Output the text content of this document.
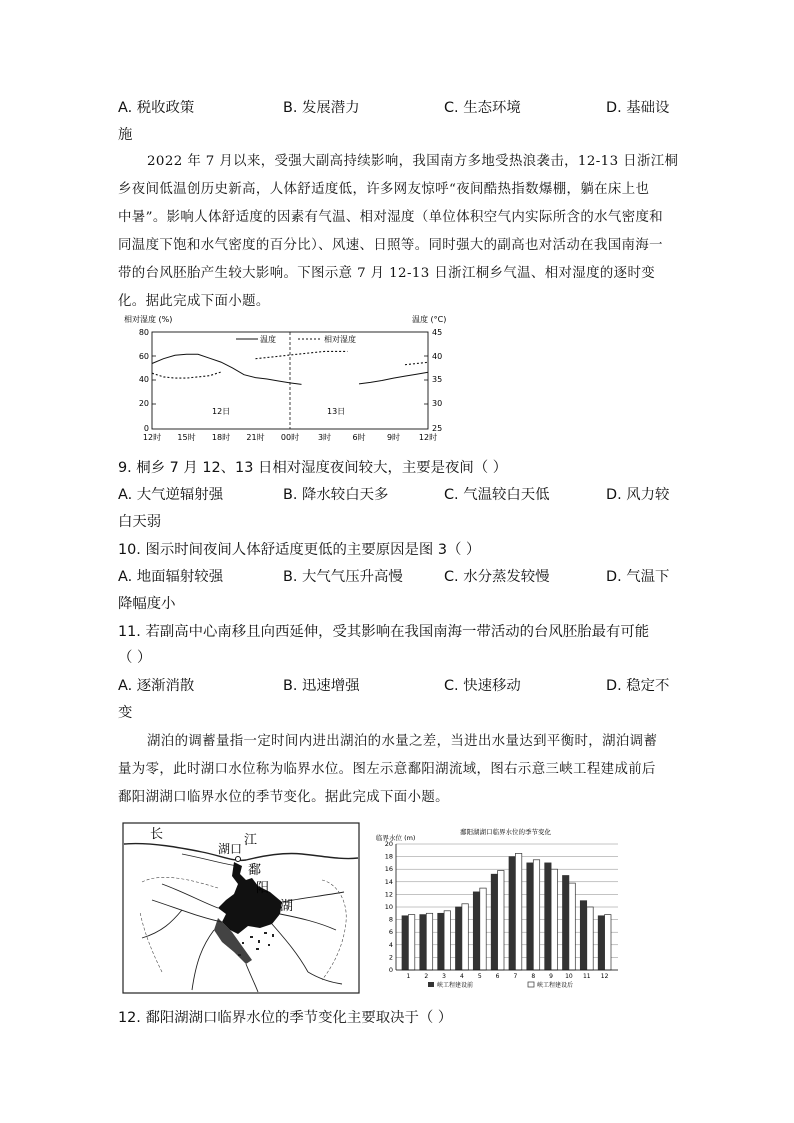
A. 税收政策	B. 发展潜力	C. 生态环境	D. 基础设
施
2022 年 7 月以来，受强大副高持续影响，我国南方多地受热浪袭击，12-13 日浙江桐
乡夜间低温创历史新高，人体舒适度低，许多网友惊呼“夜间酷热指数爆棚，躺在床上也
中暑”。影响人体舒适度的因素有气温、相对湿度（单位体积空气内实际所含的水气密度和
同温度下饱和水气密度的百分比）、风速、日照等。同时强大的副高也对活动在我国南海一
带的台风胚胎产生较大影响。下图示意 7 月 12-13 日浙江桐乡气温、相对湿度的逐时变
化。据此完成下面小题。
相对湿度 (%)	温度 (°C)
80
60
40
20
0
45
40
35
30
25
12时 15时 18时 21时 00时 3时	6时	9时 12时
温度	相对湿度
12日	13日
9. 桐乡 7 月 12、13 日相对湿度夜间较大，主要是夜间（ ）
A. 大气逆辐射强	B. 降水较白天多	C. 气温较白天低	D. 风力较
白天弱
10. 图示时间夜间人体舒适度更低的主要原因是图 3（ ）
A. 地面辐射较强	B. 大气气压升高慢	C. 水分蒸发较慢	D. 气温下
降幅度小
11. 若副高中心南移且向西延伸，受其影响在我国南海一带活动的台风胚胎最有可能
（ ）
A. 逐渐消散	B. 迅速增强	C. 快速移动	D. 稳定不
变
湖泊的调蓄量指一定时间内进出湖泊的水量之差，当进出水量达到平衡时，湖泊调蓄
量为零，此时湖口水位称为临界水位。图左示意鄱阳湖流域，图右示意三峡工程建成前后
鄱阳湖湖口临界水位的季节变化。据此完成下面小题。
长	江
湖口
鄱
阳
湖
临界水位 (m)
鄱阳湖湖口临界水位的季节变化
20
18
16
14
12
10
8
6
4
2
0
1 2 3 4 5 6 7 8 9 10 11 12
峡工程建设前	峡工程建设后
12. 鄱阳湖湖口临界水位的季节变化主要取决于（ ）
